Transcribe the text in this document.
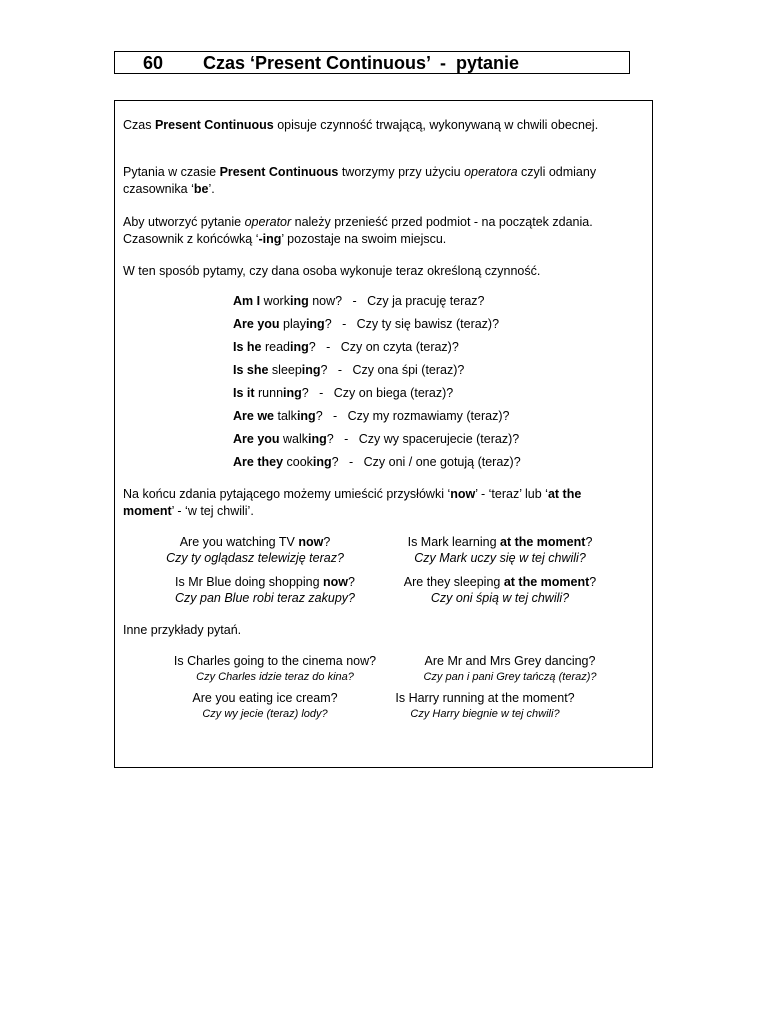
60 Czas ‘Present Continuous’  -  pytanie
Czas Present Continuous opisuje czynność trwającą, wykonywaną w chwili obecnej.
Pytania w czasie Present Continuous tworzymy przy użyciu operatora czyli odmiany czasownika ‘be’.
Aby utworzyć pytanie operator należy przenieść przed podmiot - na początek zdania. Czasownik z końcówką ‘-ing’ pozostaje na swoim miejscu.
W ten sposób pytamy, czy dana osoba wykonuje teraz określoną czynność.
Am I working now?   -   Czy ja pracuję teraz?
Are you playing?   -   Czy ty się bawisz (teraz)?
Is he reading?   -   Czy on czyta (teraz)?
Is she sleeping?   -   Czy ona śpi (teraz)?
Is it running?   -   Czy on biega (teraz)?
Are we talking?   -   Czy my rozmawiamy (teraz)?
Are you walking?   -   Czy wy spacerujecie (teraz)?
Are they cooking?   -   Czy oni / one gotują (teraz)?
Na końcu zdania pytającego możemy umieścić przysłówki ‘now’ - ‘teraz’ lub ‘at the moment’ - ‘w tej chwili’.
Are you watching TV now?
Czy ty oglądasz telewizję teraz?
Is Mark learning at the moment?
Czy Mark uczy się w tej chwili?
Is Mr Blue doing shopping now?
Czy pan Blue robi teraz zakupy?
Are they sleeping at the moment?
Czy oni śpią w tej chwili?
Inne przykłady pytań.
Is Charles going to the cinema now?
Czy Charles idzie teraz do kina?
Are Mr and Mrs Grey dancing?
Czy pan i pani Grey tańczą (teraz)?
Are you eating ice cream?
Czy wy jecie (teraz) lody?
Is Harry running at the moment?
Czy Harry biegnie w tej chwili?
